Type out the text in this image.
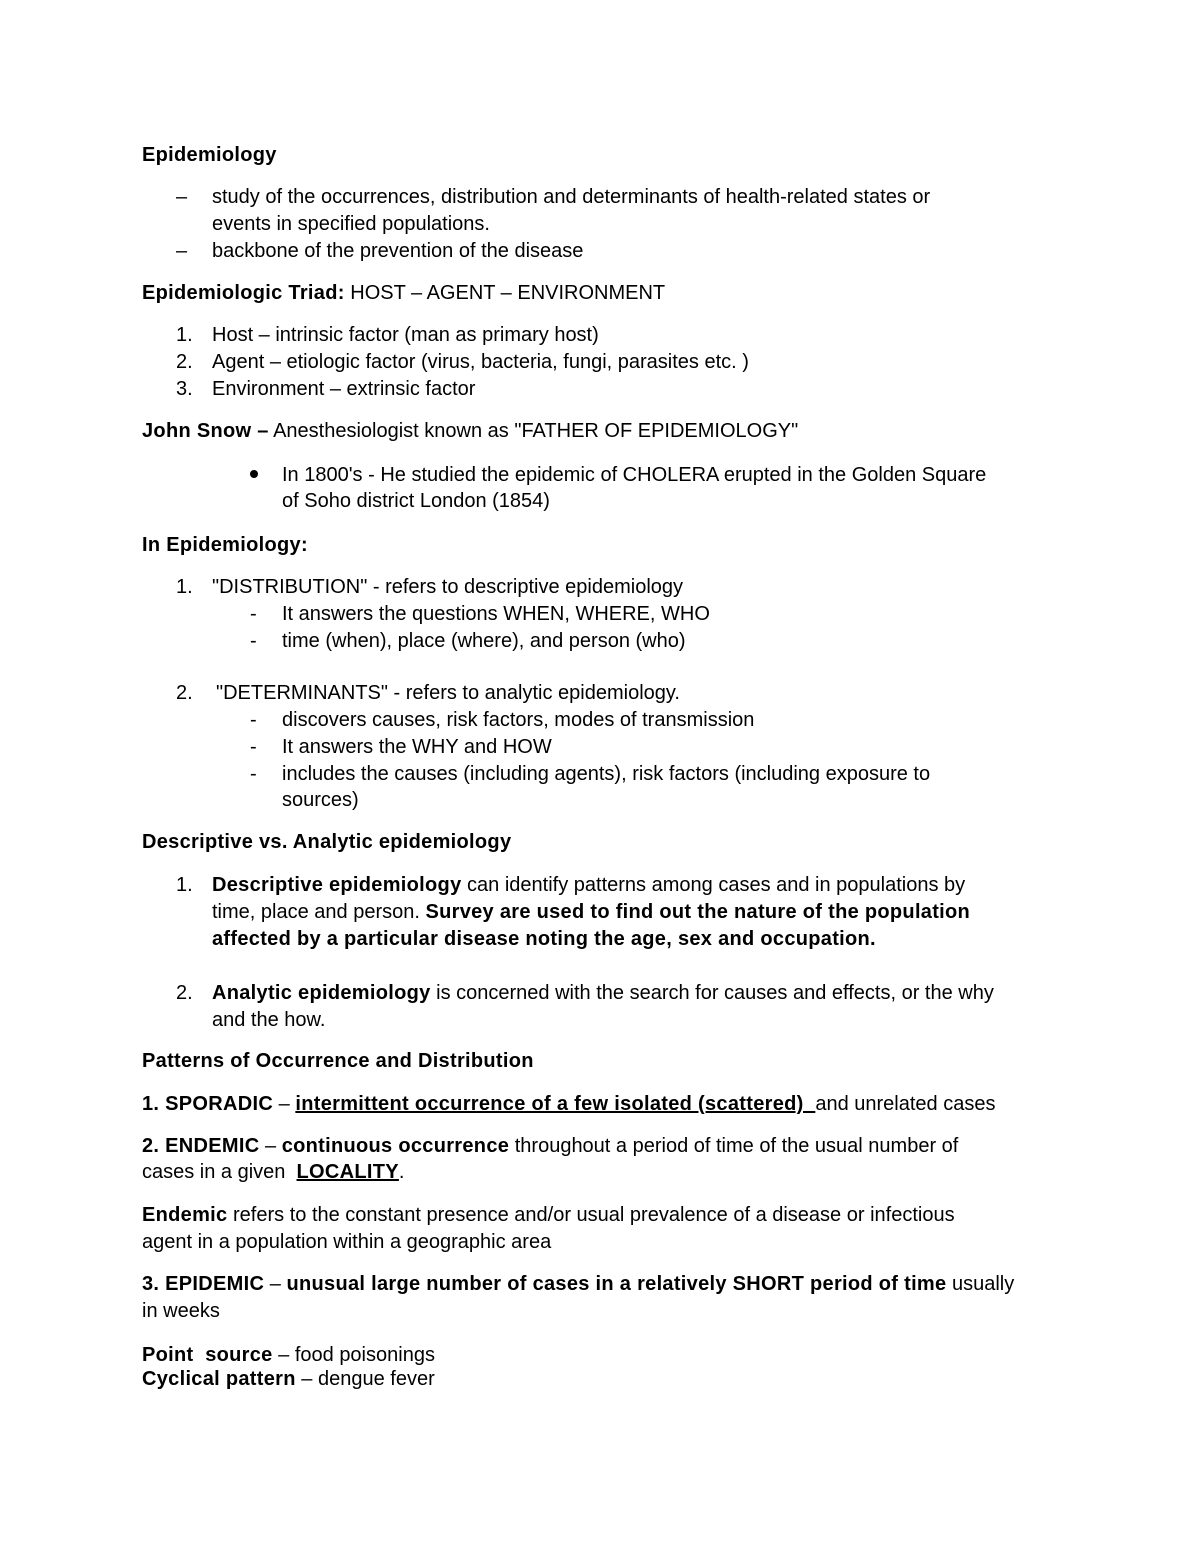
Epidemiology
– study of the occurrences, distribution and determinants of health-related states or
events in specified populations.
– backbone of the prevention of the disease
Epidemiologic Triad: HOST – AGENT – ENVIRONMENT
1. Host – intrinsic factor (man as primary host)
2. Agent – etiologic factor (virus, bacteria, fungi, parasites etc. )
3. Environment – extrinsic factor
John Snow – Anesthesiologist known as "FATHER OF EPIDEMIOLOGY"
In 1800's - He studied the epidemic of CHOLERA erupted in the Golden Square
of Soho district London (1854)
In Epidemiology:
1. "DISTRIBUTION" - refers to descriptive epidemiology
- It answers the questions WHEN, WHERE, WHO
- time (when), place (where), and person (who)
2. "DETERMINANTS" - refers to analytic epidemiology.
- discovers causes, risk factors, modes of transmission
- It answers the WHY and HOW
- includes the causes (including agents), risk factors (including exposure to
sources)
Descriptive vs. Analytic epidemiology
1. Descriptive epidemiology can identify patterns among cases and in populations by
time, place and person. Survey are used to find out the nature of the population
affected by a particular disease noting the age, sex and occupation.
2. Analytic epidemiology is concerned with the search for causes and effects, or the why
and the how.
Patterns of Occurrence and Distribution
1. SPORADIC – intermittent occurrence of a few isolated (scattered)  and unrelated cases
2. ENDEMIC – continuous occurrence throughout a period of time of the usual number of
cases in a given  LOCALITY.
Endemic refers to the constant presence and/or usual prevalence of a disease or infectious
agent in a population within a geographic area
3. EPIDEMIC – unusual large number of cases in a relatively SHORT period of time usually
in weeks
Point  source – food poisonings
Cyclical pattern – dengue fever
